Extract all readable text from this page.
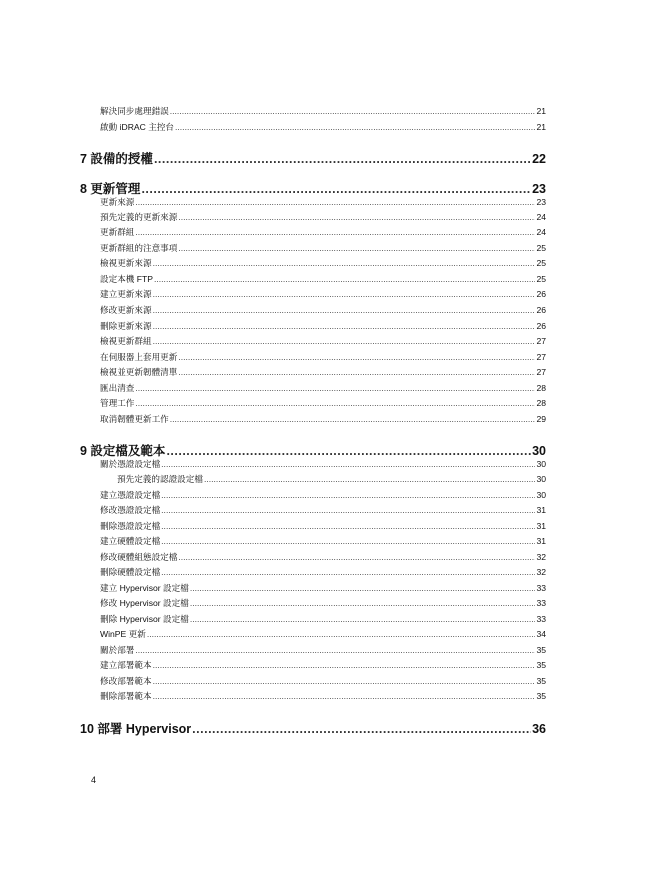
解決同步處理錯誤 .....	21
啟動 iDRAC 主控台 .....	21
7 設備的授權 .....	22
8 更新管理 .....	23
更新來源 .....	23
預先定義的更新來源 .....	24
更新群組 .....	24
更新群組的注意事項 .....	25
檢視更新來源 .....	25
設定本機 FTP .....	25
建立更新來源 .....	26
修改更新來源 .....	26
刪除更新來源 .....	26
檢視更新群組 .....	27
在伺服器上套用更新 .....	27
檢視並更新韌體清單 .....	27
匯出清查 .....	28
管理工作 .....	28
取消韌體更新工作 .....	29
9 設定檔及範本 .....	30
關於憑證設定檔 .....	30
預先定義的認證設定檔 .....	30
建立憑證設定檔 .....	30
修改憑證設定檔 .....	31
刪除憑證設定檔 .....	31
建立硬體設定檔 .....	31
修改硬體組態設定檔 .....	32
刪除硬體設定檔 .....	32
建立 Hypervisor 設定檔 .....	33
修改 Hypervisor 設定檔 .....	33
刪除 Hypervisor 設定檔 .....	33
WinPE 更新 .....	34
關於部署 .....	35
建立部署範本 .....	35
修改部署範本 .....	35
刪除部署範本 .....	35
10 部署 Hypervisor .....	36
4
